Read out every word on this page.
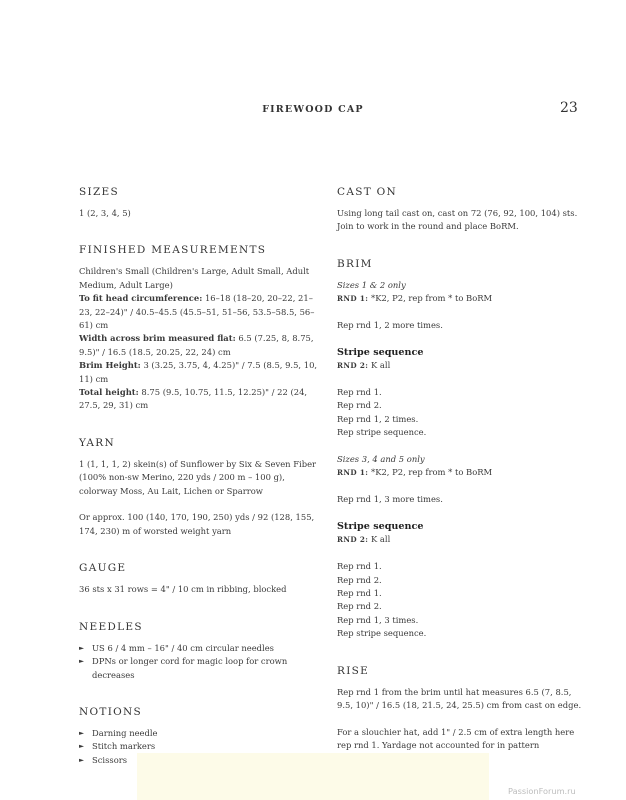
FIREWOOD CAP	23
SIZES

1 (2, 3, 4, 5)

FINISHED MEASUREMENTS

Children's Small (Children's Large, Adult Small, Adult Medium, Adult Large)

To fit head circumference: 16–18 (18–20, 20–22, 21–23, 22–24)" / 40.5–45.5 (45.5–51, 51–56, 53.5–58.5, 56–61) cm

Width across brim measured flat: 6.5 (7.25, 8, 8.75, 9.5)" / 16.5 (18.5, 20.25, 22, 24) cm

Brim Height: 3 (3.25, 3.75, 4, 4.25)" / 7.5 (8.5, 9.5, 10, 11) cm

Total height: 8.75 (9.5, 10.75, 11.5, 12.25)" / 22 (24, 27.5, 29, 31) cm

YARN

1 (1, 1, 1, 2) skein(s) of Sunflower by Six & Seven Fiber (100% non-sw Merino, 220 yds / 200 m – 100 g), colorway Moss, Au Lait, Lichen or Sparrow

Or approx. 100 (140, 170, 190, 250) yds / 92 (128, 155, 174, 230) m of worsted weight yarn

GAUGE

36 sts x 31 rows = 4" / 10 cm in ribbing, blocked

NEEDLES
► US 6 / 4 mm – 16" / 40 cm circular needles
► DPNs or longer cord for magic loop for crown decreases
NOTIONS
► Darning needle
► Stitch markers
► Scissors
CAST ON

Using long tail cast on, cast on 72 (76, 92, 100, 104) sts. Join to work in the round and place BoRM.

BRIM

Sizes 1 & 2 only

RND 1: *K2, P2, rep from * to BoRM

Rep rnd 1, 2 more times.

Stripe sequence

RND 2: K all

Rep rnd 1.

Rep rnd 2.

Rep rnd 1, 2 times.

Rep stripe sequence.

Sizes 3, 4 and 5 only

RND 1: *K2, P2, rep from * to BoRM

Rep rnd 1, 3 more times.

Stripe sequence

RND 2: K all

Rep rnd 1.

Rep rnd 2.

Rep rnd 1.

Rep rnd 2.

Rep rnd 1, 3 times.

Rep stripe sequence.

RISE

Rep rnd 1 from the brim until hat measures 6.5 (7, 8.5, 9.5, 10)" / 16.5 (18, 21.5, 24, 25.5) cm from cast on edge.

For a slouchier hat, add 1" / 2.5 cm of extra length here rep rnd 1. Yardage not accounted for in pattern

PassionForum.ru
